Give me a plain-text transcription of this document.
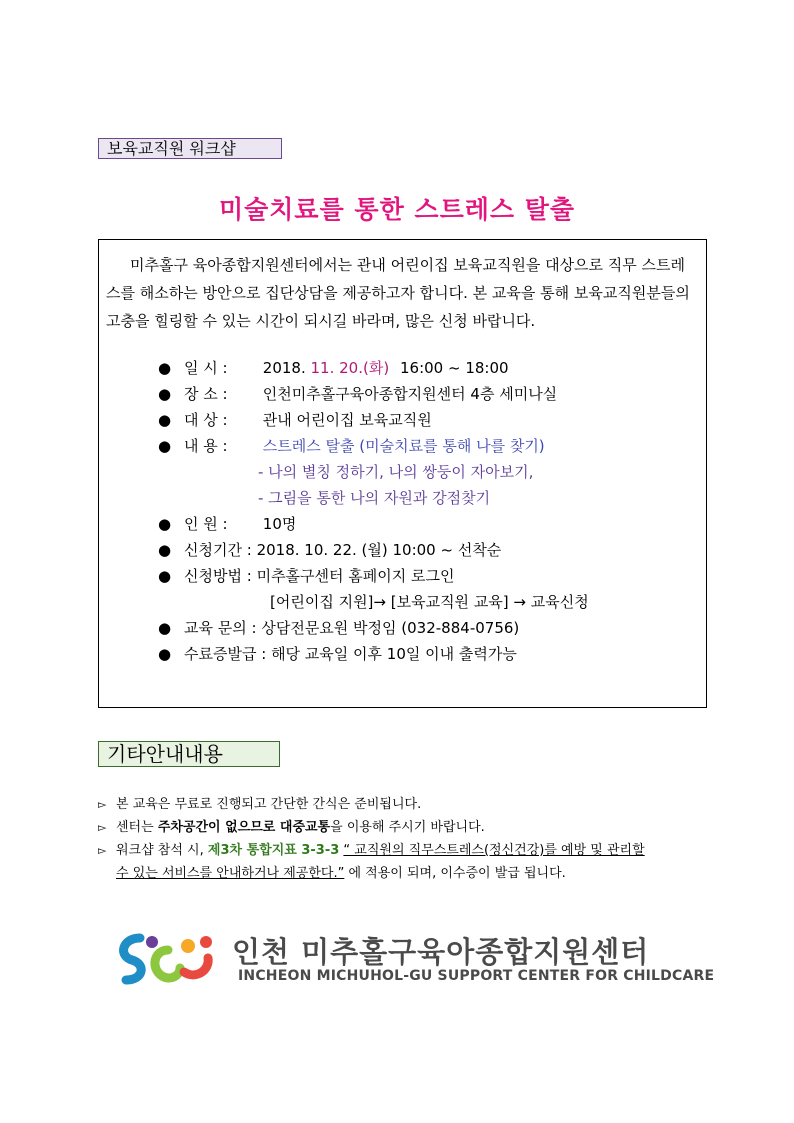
보육교직원 워크샵
미술치료를 통한 스트레스 탈출
미추홀구 육아종합지원센터에서는 관내 어린이집 보육교직원을 대상으로 직무 스트레
스를 해소하는 방안으로 집단상담을 제공하고자 합니다. 본 교육을 통해 보육교직원분들의
고충을 힐링할 수 있는 시간이 되시길 바라며, 많은 신청 바랍니다.
● 일 시 : 2018. 11. 20.(화) 16:00 ~ 18:00
● 장 소 : 인천미추홀구육아종합지원센터 4층 세미나실
● 대 상 : 관내 어린이집 보육교직원
● 내 용 : 스트레스 탈출 (미술치료를 통해 나를 찾기)
- 나의 별칭 정하기, 나의 쌍둥이 자아보기,
- 그림을 통한 나의 자원과 강점찾기
● 인 원 : 10명
● 신청기간 : 2018. 10. 22. (월) 10:00 ~ 선착순
● 신청방법 : 미추홀구센터 홈페이지 로그인
[어린이집 지원]→ [보육교직원 교육] → 교육신청
● 교육 문의 : 상담전문요원 박정임 (032-884-0756)
● 수료증발급 : 해당 교육일 이후 10일 이내 출력가능
기타안내내용
▻ 본 교육은 무료로 진행되고 간단한 간식은 준비됩니다.
▻ 센터는 주차공간이 없으므로 대중교통을 이용해 주시기 바랍니다.
▻ 워크샵 참석 시, 제3차 통합지표 3-3-3 “ 교직원의 직무스트레스(정신건강)를 예방 및 관리할
수 있는 서비스를 안내하거나 제공한다.” 에 적용이 되며, 이수증이 발급 됩니다.
인천 미추홀구육아종합지원센터
INCHEON MICHUHOL-GU SUPPORT CENTER FOR CHILDCARE
